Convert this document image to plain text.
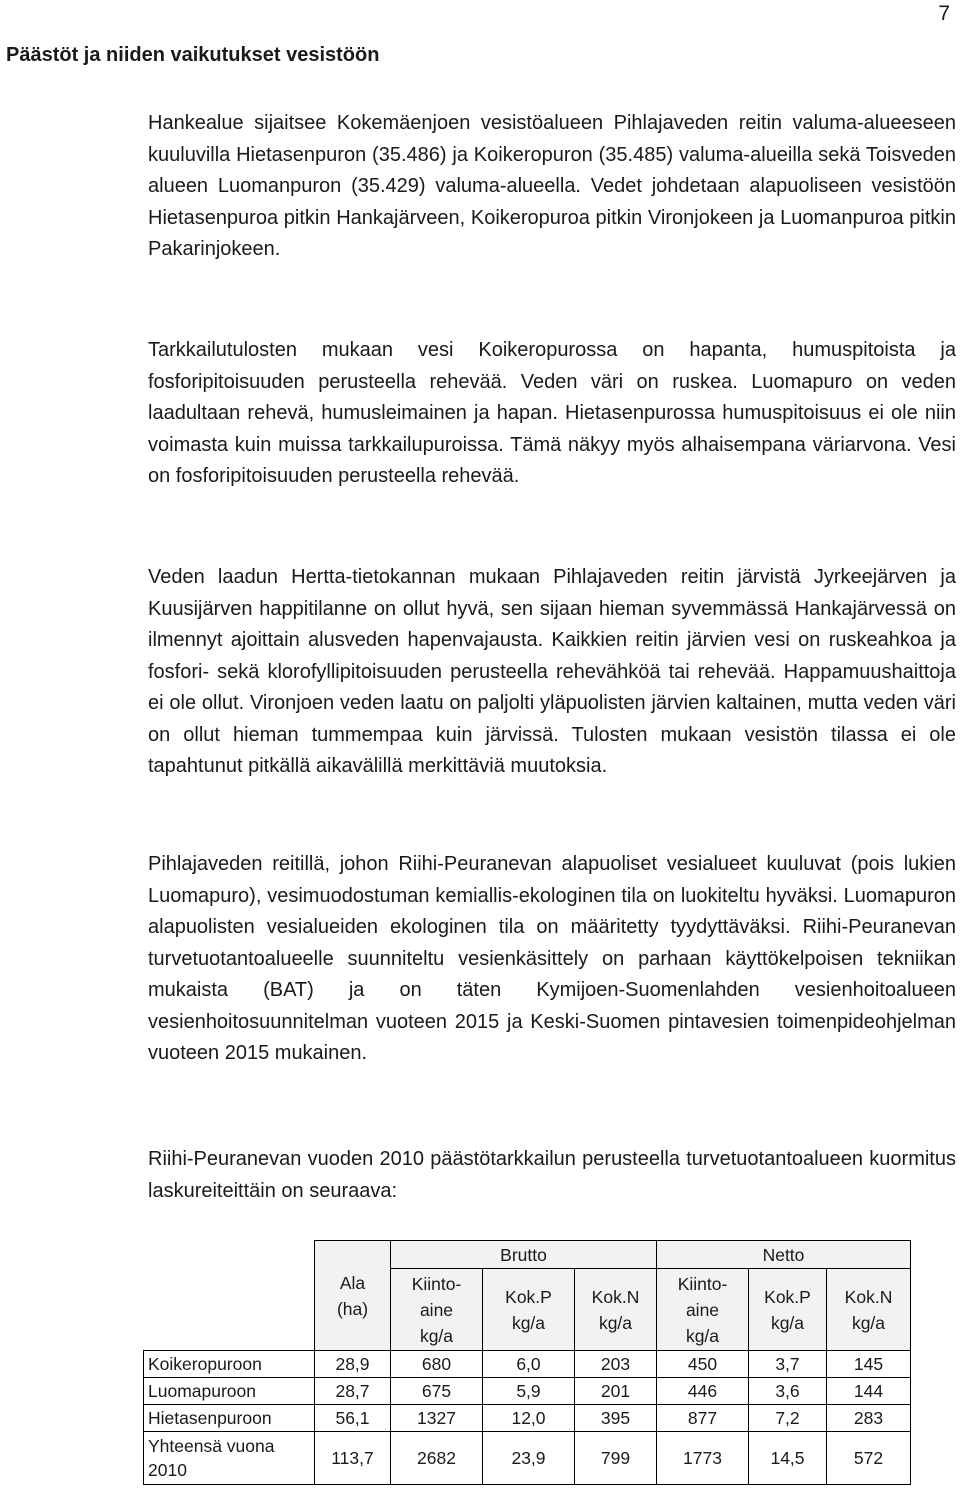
7
Päästöt ja niiden vaikutukset vesistöön

Hankealue sijaitsee Kokemäenjoen vesistöalueen Pihlajaveden reitin valuma-alueeseen kuuluvilla Hietasenpuron (35.486) ja Koikeropuron (35.485) valuma-alueilla sekä Toisveden alueen Luomanpuron (35.429) valuma-alueella. Vedet johdetaan alapuoliseen vesistöön Hietasenpuroa pitkin Hankajärveen, Koikeropuroa pitkin Vironjokeen ja Luomanpuroa pitkin Pakarinjokeen.

Tarkkailutulosten mukaan vesi Koikeropurossa on hapanta, humuspitoista ja fosforipitoisuuden perusteella rehevää. Veden väri on ruskea. Luomapuro on veden laadultaan rehevä, humusleimainen ja hapan. Hietasenpurossa humuspitoisuus ei ole niin voimasta kuin muissa tarkkailupuroissa. Tämä näkyy myös alhaisempana väriarvona. Vesi on fosforipitoisuuden perusteella rehevää.

Veden laadun Hertta-tietokannan mukaan Pihlajaveden reitin järvistä Jyrkeejärven ja Kuusijärven happitilanne on ollut hyvä, sen sijaan hieman syvemmässä Hankajärvessä on ilmennyt ajoittain alusveden hapenvajausta. Kaikkien reitin järvien vesi on ruskeahkoa ja fosfori- sekä klorofyllipitoisuuden perusteella rehevähköä tai rehevää. Happamuushaittoja ei ole ollut. Vironjoen veden laatu on paljolti yläpuolisten järvien kaltainen, mutta veden väri on ollut hieman tummempaa kuin järvissä. Tulosten mukaan vesistön tilassa ei ole tapahtunut pitkällä aikavälillä merkittäviä muutoksia.

Pihlajaveden reitillä, johon Riihi-Peuranevan alapuoliset vesialueet kuuluvat (pois lukien Luomapuro), vesimuodostuman kemiallis-ekologinen tila on luokiteltu hyväksi. Luomapuron alapuolisten vesialueiden ekologinen tila on määritetty tyydyttäväksi. Riihi-Peuranevan turvetuotantoalueelle suunniteltu vesienkäsittely on parhaan käyttökelpoisen tekniikan mukaista (BAT) ja on täten Kymijoen-Suomenlahden vesienhoitoalueen vesienhoitosuunnitelman vuoteen 2015 ja Keski-Suomen pintavesien toimenpideohjelman vuoteen 2015 mukainen.

Riihi-Peuranevan vuoden 2010 päästötarkkailun perusteella turvetuotantoalueen kuormitus laskureiteittäin on seuraava:

	Ala (ha)	Brutto			Netto		
		Kiinto-aine kg/a	Kok.P kg/a	Kok.N kg/a	Kiinto-aine kg/a	Kok.P kg/a	Kok.N kg/a
Koikeropuroon	28,9	680	6,0	203	450	3,7	145
Luomapuroon	28,7	675	5,9	201	446	3,6	144
Hietasenpuroon	56,1	1327	12,0	395	877	7,2	283
Yhteensä vuona 2010	113,7	2682	23,9	799	1773	14,5	572
